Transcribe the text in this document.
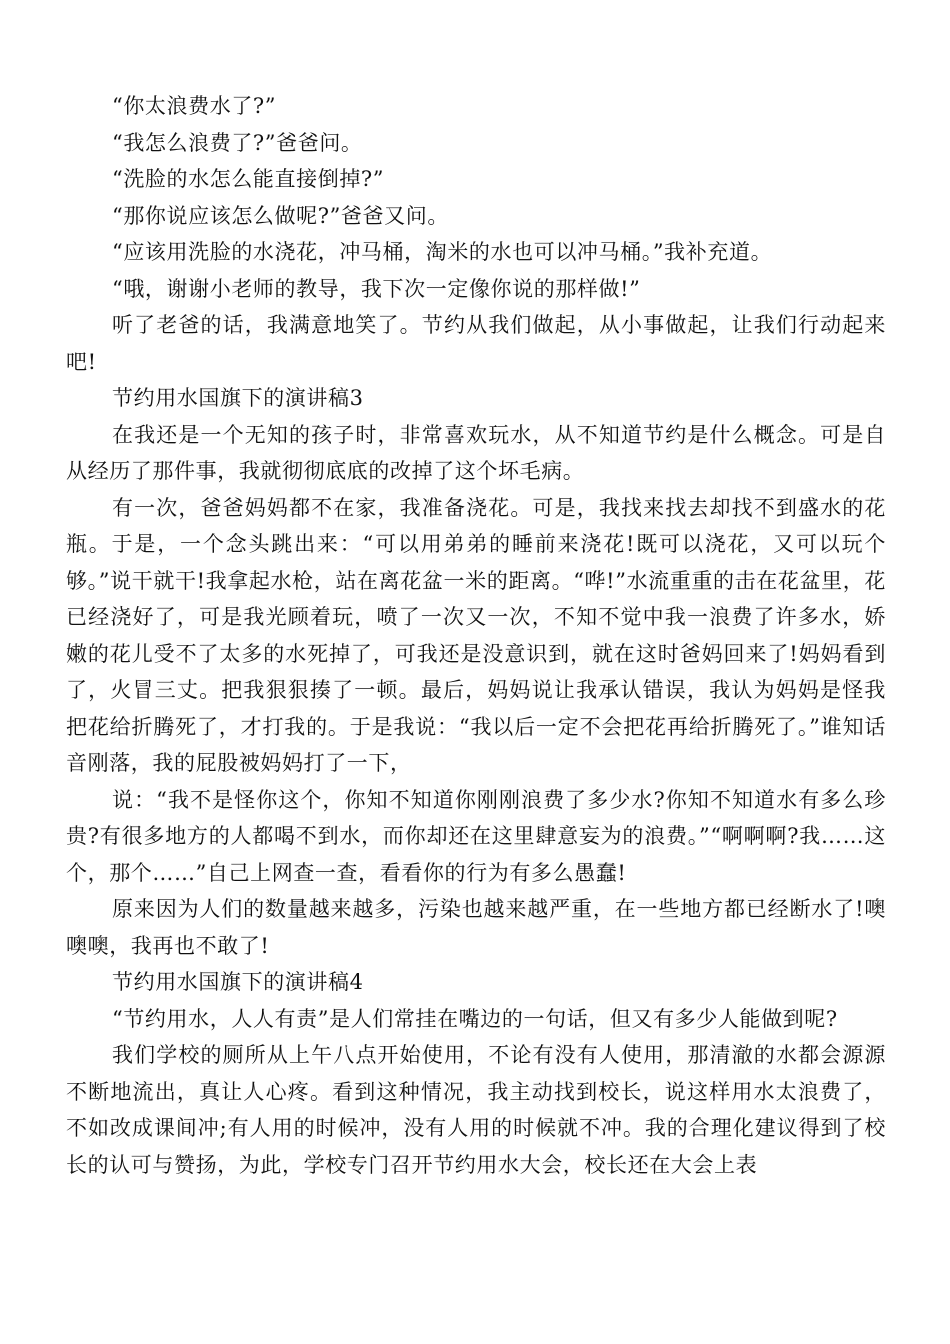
“你太浪费水了?”

“我怎么浪费了?”爸爸问。

“洗脸的水怎么能直接倒掉?”

“那你说应该怎么做呢?”爸爸又问。

“应该用洗脸的水浇花，冲马桶，淘米的水也可以冲马桶。”我补充道。

“哦，谢谢小老师的教导，我下次一定像你说的那样做!”

听了老爸的话，我满意地笑了。节约从我们做起，从小事做起，让我们行动起来吧!

节约用水国旗下的演讲稿3

在我还是一个无知的孩子时，非常喜欢玩水，从不知道节约是什么概念。可是自从经历了那件事，我就彻彻底底的改掉了这个坏毛病。

有一次，爸爸妈妈都不在家，我准备浇花。可是，我找来找去却找不到盛水的花瓶。于是，一个念头跳出来：“可以用弟弟的睡前来浇花!既可以浇花，又可以玩个够。”说干就干!我拿起水枪，站在离花盆一米的距离。“哗!”水流重重的击在花盆里，花已经浇好了，可是我光顾着玩，喷了一次又一次，不知不觉中我一浪费了许多水，娇嫩的花儿受不了太多的水死掉了，可我还是没意识到，就在这时爸妈回来了!妈妈看到了，火冒三丈。把我狠狠揍了一顿。最后，妈妈说让我承认错误，我认为妈妈是怪我把花给折腾死了，才打我的。于是我说：“我以后一定不会把花再给折腾死了。”谁知话音刚落，我的屁股被妈妈打了一下，

说：“我不是怪你这个，你知不知道你刚刚浪费了多少水?你知不知道水有多么珍贵?有很多地方的人都喝不到水，而你却还在这里肆意妄为的浪费。”“啊啊啊?我……这个，那个……”自己上网查一查，看看你的行为有多么愚蠢!

原来因为人们的数量越来越多，污染也越来越严重，在一些地方都已经断水了!噢噢噢，我再也不敢了!

节约用水国旗下的演讲稿4

“节约用水，人人有责”是人们常挂在嘴边的一句话，但又有多少人能做到呢?

我们学校的厕所从上午八点开始使用，不论有没有人使用，那清澈的水都会源源不断地流出，真让人心疼。看到这种情况，我主动找到校长，说这样用水太浪费了，不如改成课间冲;有人用的时候冲，没有人用的时候就不冲。我的合理化建议得到了校长的认可与赞扬，为此，学校专门召开节约用水大会，校长还在大会上表
